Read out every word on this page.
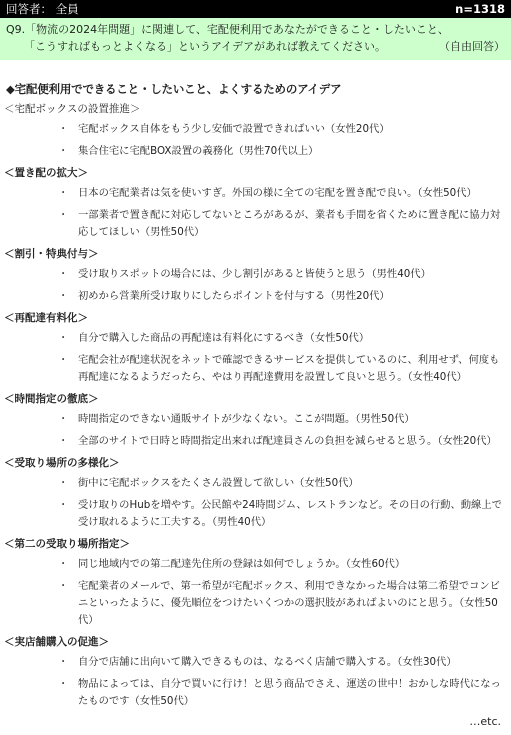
回答者： 全員	n=1318
Q9.「物流の2024年問題」に関連して、宅配便利用であなたができること・したいこと、
「こうすればもっとよくなる」というアイデアがあれば教えてください。	（自由回答）
◆宅配便利用でできること・したいこと、よくするためのアイデア
＜宅配ボックスの設置推進＞
・ 宅配ボックス自体をもう少し安価で設置できればいい（女性20代）
・ 集合住宅に宅配BOX設置の義務化（男性70代以上）
＜置き配の拡大＞
・ 日本の宅配業者は気を使いすぎ。外国の様に全ての宅配を置き配で良い。（女性50代）
・ 一部業者で置き配に対応してないところがあるが、業者も手間を省くために置き配に協力対応してほしい（男性50代）
＜割引・特典付与＞
・ 受け取りスポットの場合には、少し割引があると皆使うと思う（男性40代）
・ 初めから営業所受け取りにしたらポイントを付与する（男性20代）
＜再配達有料化＞
・ 自分で購入した商品の再配達は有料化にするべき（女性50代）
・ 宅配会社が配達状況をネットで確認できるサービスを提供しているのに、利用せず、何度も再配達になるようだったら、やはり再配達費用を設置して良いと思う。（女性40代）
＜時間指定の徹底＞
・ 時間指定のできない通販サイトが少なくない。ここが問題。（男性50代）
・ 全部のサイトで日時と時間指定出来れば配達員さんの負担を減らせると思う。（女性20代）
＜受取り場所の多様化＞
・ 街中に宅配ボックスをたくさん設置して欲しい（女性50代）
・ 受け取りのHubを増やす。公民館や24時間ジム、レストランなど。その日の行動、動線上で受け取れるように工夫する。（男性40代）
＜第二の受取り場所指定＞
・ 同じ地域内での第二配達先住所の登録は如何でしょうか。（女性60代）
・ 宅配業者のメールで、第一希望が宅配ボックス、利用できなかった場合は第二希望でコンビニといったように、優先順位をつけたいくつかの選択肢があればよいのにと思う。（女性50代）
＜実店舗購入の促進＞
・ 自分で店舗に出向いて購入できるものは、なるべく店舗で購入する。（女性30代）
・ 物品によっては、自分で買いに行け！と思う商品でさえ、運送の世中！おかしな時代になったものです（女性50代）
…etc.
